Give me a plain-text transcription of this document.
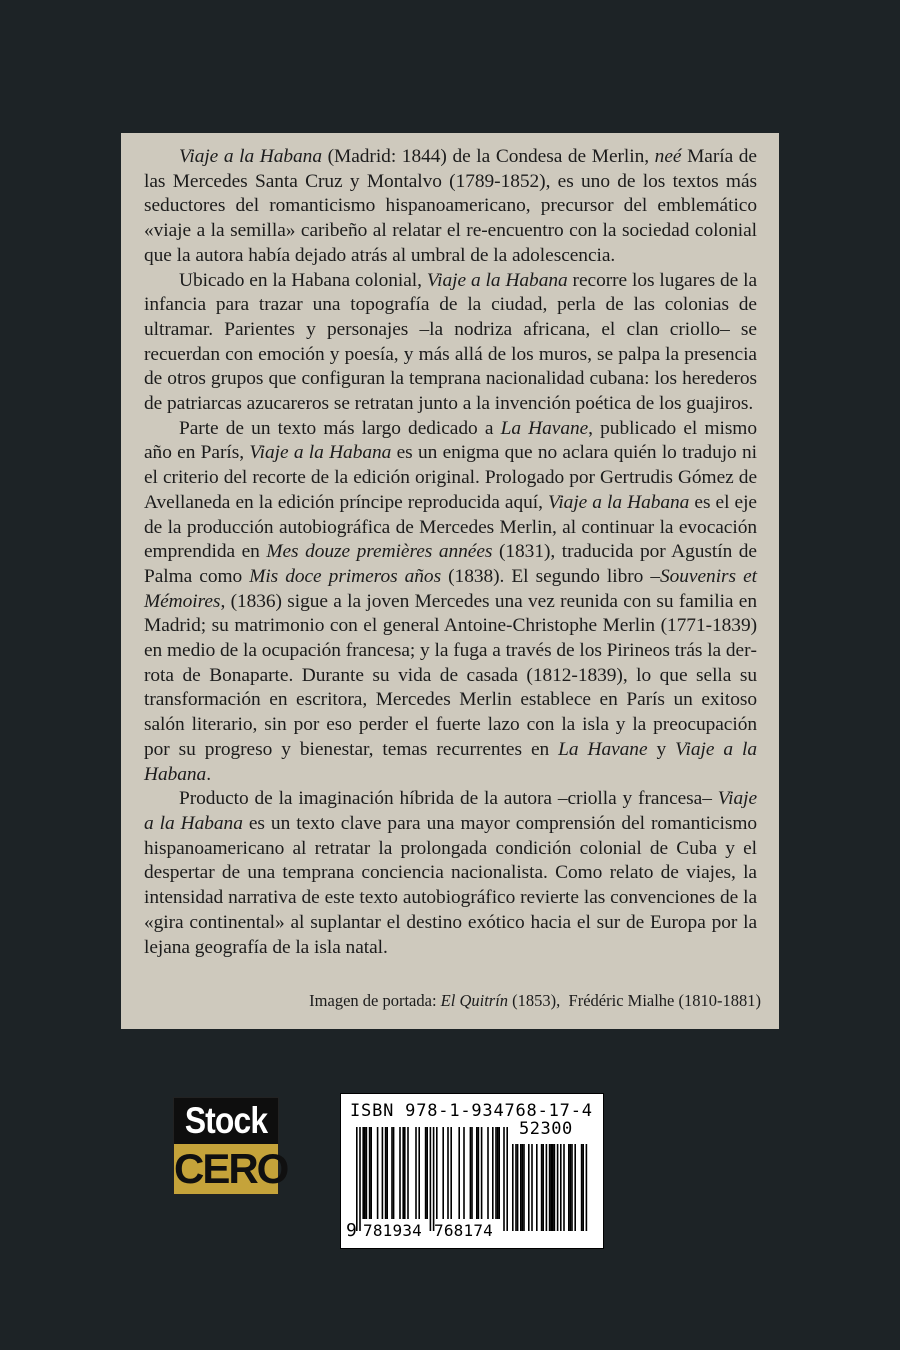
Viaje a la Habana (Madrid: 1844) de la Condesa de Merlin, neé María de las Mercedes Santa Cruz y Montalvo (1789-1852), es uno de los textos más seductores del romanticismo hispanoamericano, precursor del emblemático «viaje a la semilla» caribeño al relatar el re-encuentro con la sociedad colonial que la autora había dejado atrás al umbral de la adolescencia.

Ubicado en la Habana colonial, Viaje a la Habana recorre los lugares de la infancia para trazar una topografía de la ciudad, perla de las colonias de ultramar. Parientes y personajes –la nodriza africana, el clan criollo– se recuerdan con emoción y poesía, y más allá de los muros, se palpa la presencia de otros grupos que configuran la temprana nacionalidad cubana: los herederos de patriarcas azucareros se retratan junto a la invención poética de los guajiros.

Parte de un texto más largo dedicado a La Havane, publicado el mismo año en París, Viaje a la Habana es un enigma que no aclara quién lo tradujo ni el criterio del recorte de la edición original. Prologado por Gertrudis Gómez de Avellaneda en la edición príncipe reproducida aquí, Viaje a la Habana es el eje de la producción autobiográfica de Mercedes Merlin, al continuar la evocación emprendida en Mes douze premières années (1831), traducida por Agustín de Palma como Mis doce primeros años (1838). El segundo libro –Souvenirs et Mémoires, (1836) sigue a la joven Mercedes una vez reunida con su familia en Madrid; su matrimonio con el general Antoine-Christophe Merlin (1771-1839) en medio de la ocupación francesa; y la fuga a través de los Pirineos trás la derrota de Bonaparte. Durante su vida de casada (1812-1839), lo que sella su transformación en escritora, Mercedes Merlin establece en París un exitoso salón literario, sin por eso perder el fuerte lazo con la isla y la preocupación por su progreso y bienestar, temas recurrentes en La Havane y Viaje a la Habana.

Producto de la imaginación híbrida de la autora –criolla y francesa– Viaje a la Habana es un texto clave para una mayor comprensión del romanticismo hispanoamericano al retratar la prolongada condición colonial de Cuba y el despertar de una temprana conciencia nacionalista. Como relato de viajes, la intensidad narrativa de este texto autobiográfico revierte las convenciones de la «gira continental» al suplantar el destino exótico hacia el sur de Europa por la lejana geografía de la isla natal.

Imagen de portada: El Quitrín (1853), Frédéric Mialhe (1810-1881)
Stock
CERO
ISBN 978-1-934768-17-4
52300
9 781934 768174
